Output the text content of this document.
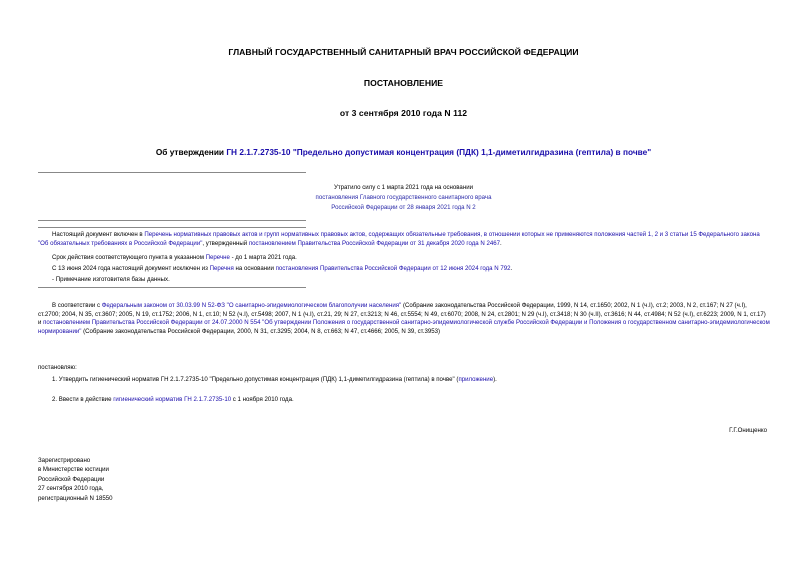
ГЛАВНЫЙ ГОСУДАРСТВЕННЫЙ САНИТАРНЫЙ ВРАЧ РОССИЙСКОЙ ФЕДЕРАЦИИ
ПОСТАНОВЛЕНИЕ
от 3 сентября 2010 года N 112
Об утверждении ГН 2.1.7.2735-10 "Предельно допустимая концентрация (ПДК) 1,1-диметилгидразина (гептила) в почве"
Утратило силу с 1 марта 2021 года на основании
постановления Главного государственного санитарного врача
Российской Федерации от 28 января 2021 года N 2
Настоящий документ включен в Перечень нормативных правовых актов и групп нормативных правовых актов, содержащих обязательные требования, в отношении которых не применяются положения частей 1, 2 и 3 статьи 15 Федерального закона "Об обязательных требованиях в Российской Федерации", утвержденный постановлением Правительства Российской Федерации от 31 декабря 2020 года N 2467.
Срок действия соответствующего пункта в указанном Перечне - до 1 марта 2021 года.
С 13 июня 2024 года настоящий документ исключен из Перечня на основании постановления Правительства Российской Федерации от 12 июня 2024 года N 792.
- Примечание изготовителя базы данных.
В соответствии с Федеральным законом от 30.03.99 N 52-ФЗ "О санитарно-эпидемиологическом благополучии населения" (Собрание законодательства Российской Федерации, 1999, N 14, ст.1650; 2002, N 1 (ч.I), ст.2; 2003, N 2, ст.167; N 27 (ч.I), ст.2700; 2004, N 35, ст.3607; 2005, N 19, ст.1752; 2006, N 1, ст.10; N 52 (ч.I), ст.5498; 2007, N 1 (ч.I), ст.21, 29; N 27, ст.3213; N 46, ст.5554; N 49, ст.6070; 2008, N 24, ст.2801; N 29 (ч.I), ст.3418; N 30 (ч.II), ст.3616; N 44, ст.4984; N 52 (ч.I), ст.6223; 2009, N 1, ст.17) и постановлением Правительства Российской Федерации от 24.07.2000 N 554 "Об утверждении Положения о государственной санитарно-эпидемиологической службе Российской Федерации и Положения о государственном санитарно-эпидемиологическом нормировании" (Собрание законодательства Российской Федерации, 2000, N 31, ст.3295; 2004, N 8, ст.663; N 47, ст.4666; 2005, N 39, ст.3953)
постановляю:
1. Утвердить гигиенический норматив ГН 2.1.7.2735-10 "Предельно допустимая концентрация (ПДК) 1,1-диметилгидразина (гептила) в почве" (приложение).
2. Ввести в действие гигиенический норматив ГН 2.1.7.2735-10 с 1 ноября 2010 года.
Г.Г.Онищенко
Зарегистрировано
в Министерстве юстиции
Российской Федерации
27 сентября 2010 года,
регистрационный N 18550
